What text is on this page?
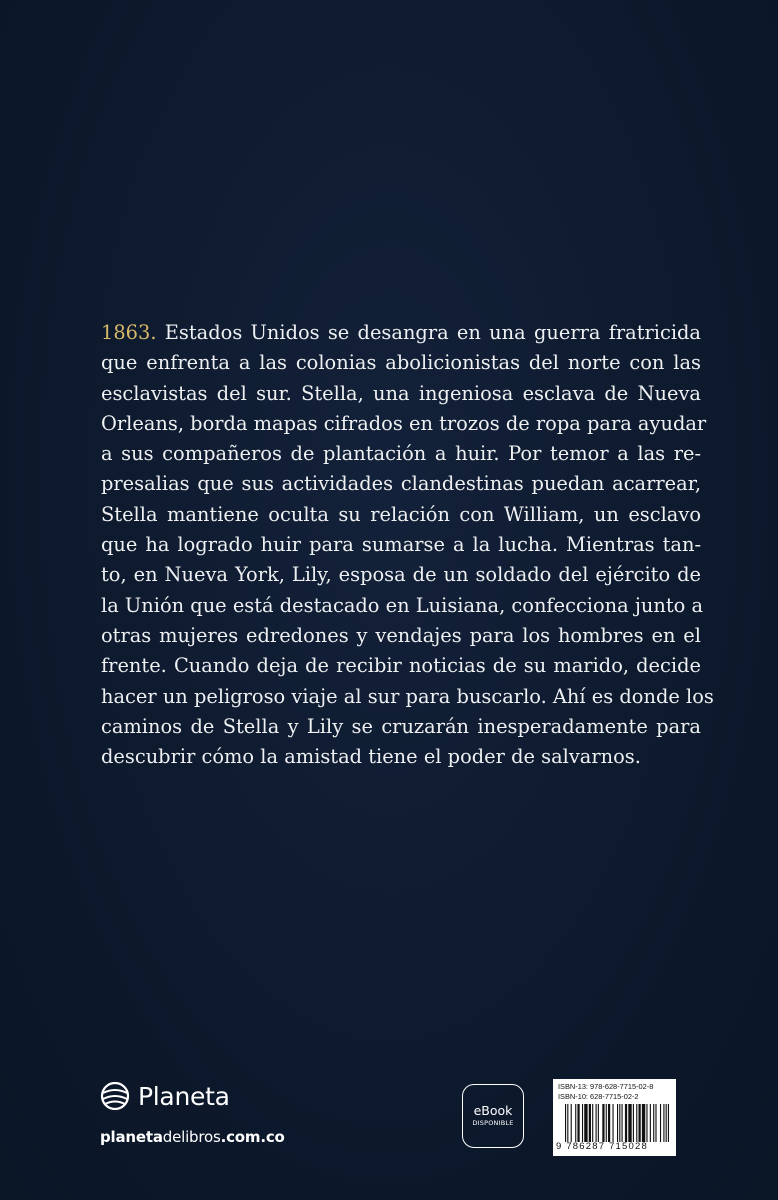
1863. Estados Unidos se desangra en una guerra fratricida
que enfrenta a las colonias abolicionistas del norte con las
esclavistas del sur. Stella, una ingeniosa esclava de Nueva
Orleans, borda mapas cifrados en trozos de ropa para ayudar
a sus compañeros de plantación a huir. Por temor a las re-
presalias que sus actividades clandestinas puedan acarrear,
Stella mantiene oculta su relación con William, un esclavo
que ha logrado huir para sumarse a la lucha. Mientras tan-
to, en Nueva York, Lily, esposa de un soldado del ejército de
la Unión que está destacado en Luisiana, confecciona junto a
otras mujeres edredones y vendajes para los hombres en el
frente. Cuando deja de recibir noticias de su marido, decide
hacer un peligroso viaje al sur para buscarlo. Ahí es donde los
caminos de Stella y Lily se cruzarán inesperadamente para
descubrir cómo la amistad tiene el poder de salvarnos.
Planeta
planetadelibros.com.co
eBook
DISPONIBLE
ISBN-13: 978-628-7715-02-8
ISBN-10: 628-7715-02-2
9 786287 715028
